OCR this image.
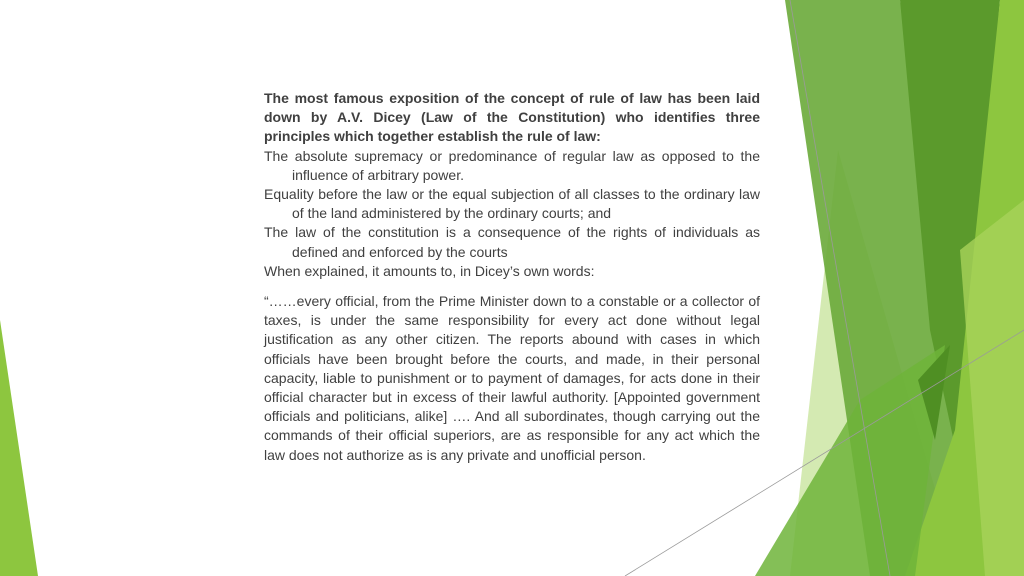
The most famous exposition of the concept of rule of law has been laid down by A.V. Dicey (Law of the Constitution) who identifies three principles which together establish the rule of law:

The absolute supremacy or predominance of regular law as opposed to the influence of arbitrary power.

Equality before the law or the equal subjection of all classes to the ordinary law of the land administered by the ordinary courts; and

The law of the constitution is a consequence of the rights of individuals as defined and enforced by the courts

When explained, it amounts to, in Dicey’s own words:

“……every official, from the Prime Minister down to a constable or a collector of taxes, is under the same responsibility for every act done without legal justification as any other citizen. The reports abound with cases in which officials have been brought before the courts, and made, in their personal capacity, liable to punishment or to payment of damages, for acts done in their official character but in excess of their lawful authority. [Appointed government officials and politicians, alike] …. And all subordinates, though carrying out the commands of their official superiors, are as responsible for any act which the law does not authorize as is any private and unofficial person.
